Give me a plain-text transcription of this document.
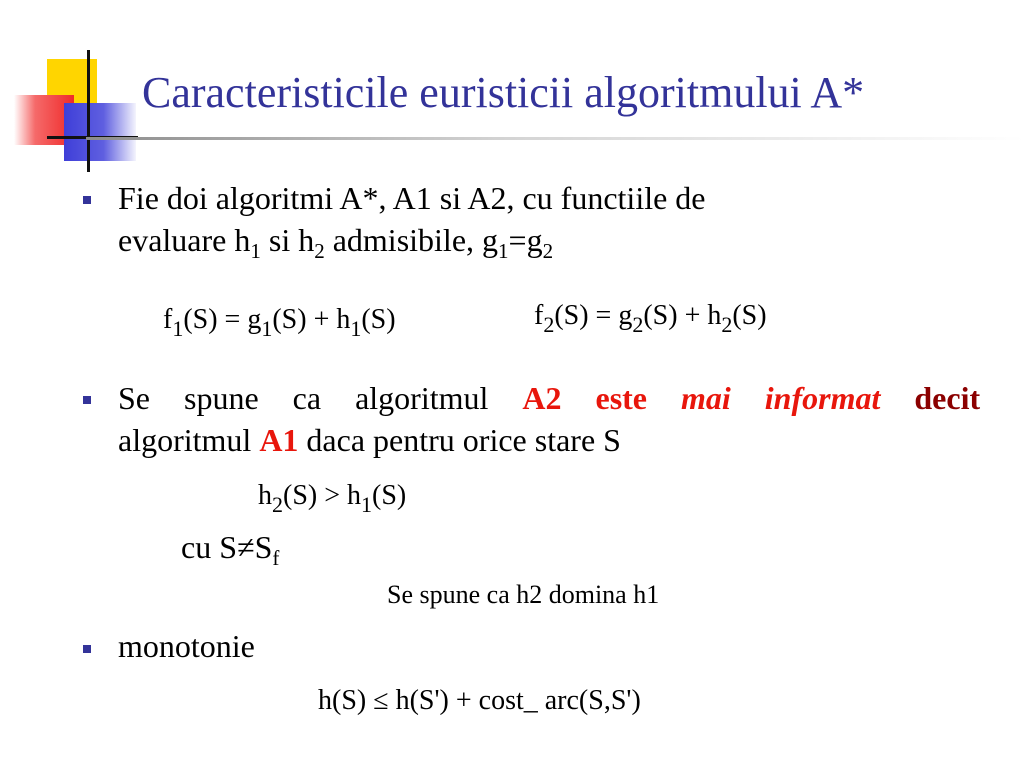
Caracteristicile euristicii algoritmului A*
Fie doi algoritmi A*, A1 si A2, cu functiile de
evaluare $h_1$ si $h_2$ admisibile, $g_1=g_2$
$f_1(S) = g_1(S) + h_1(S)$	$f_2(S) = g_2(S) + h_2(S)$
Se spune ca algoritmul A2 este mai informat decit
algoritmul A1 daca pentru orice stare S
$h_2(S) > h_1(S)$
cu $S\ne S_f$
Se spune ca h2 domina h1
monotonie
h(S) ≤ h(S') + cost_ arc(S,S')
